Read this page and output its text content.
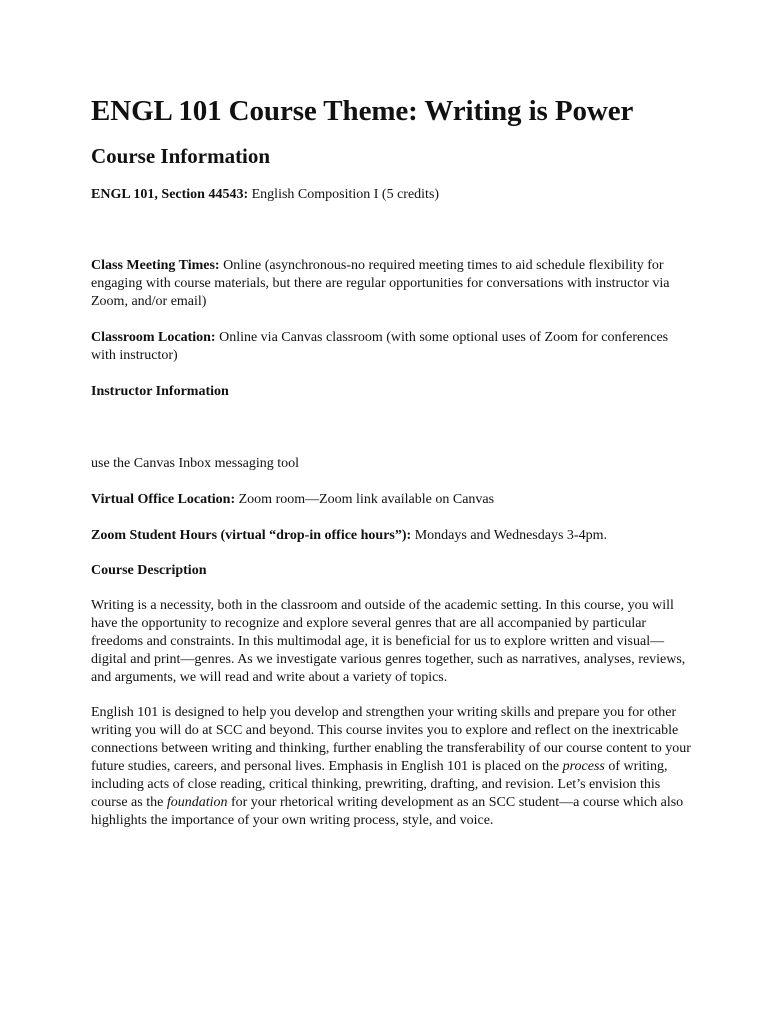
ENGL 101 Course Theme: Writing is Power
Course Information

ENGL 101, Section 44543: English Composition I (5 credits)

Class Meeting Times: Online (asynchronous-no required meeting times to aid schedule flexibility for engaging with course materials, but there are regular opportunities for conversations with instructor via Zoom, and/or email)

Classroom Location: Online via Canvas classroom (with some optional uses of Zoom for conferences with instructor)

Instructor Information

use the Canvas Inbox messaging tool

Virtual Office Location: Zoom room—Zoom link available on Canvas

Zoom Student Hours (virtual “drop-in office hours”): Mondays and Wednesdays 3-4pm.

Course Description

Writing is a necessity, both in the classroom and outside of the academic setting. In this course, you will have the opportunity to recognize and explore several genres that are all accompanied by particular freedoms and constraints. In this multimodal age, it is beneficial for us to explore written and visual—digital and print—genres. As we investigate various genres together, such as narratives, analyses, reviews, and arguments, we will read and write about a variety of topics.

English 101 is designed to help you develop and strengthen your writing skills and prepare you for other writing you will do at SCC and beyond. This course invites you to explore and reflect on the inextricable connections between writing and thinking, further enabling the transferability of our course content to your future studies, careers, and personal lives. Emphasis in English 101 is placed on the process of writing, including acts of close reading, critical thinking, prewriting, drafting, and revision. Let’s envision this course as the foundation for your rhetorical writing development as an SCC student—a course which also highlights the importance of your own writing process, style, and voice.
